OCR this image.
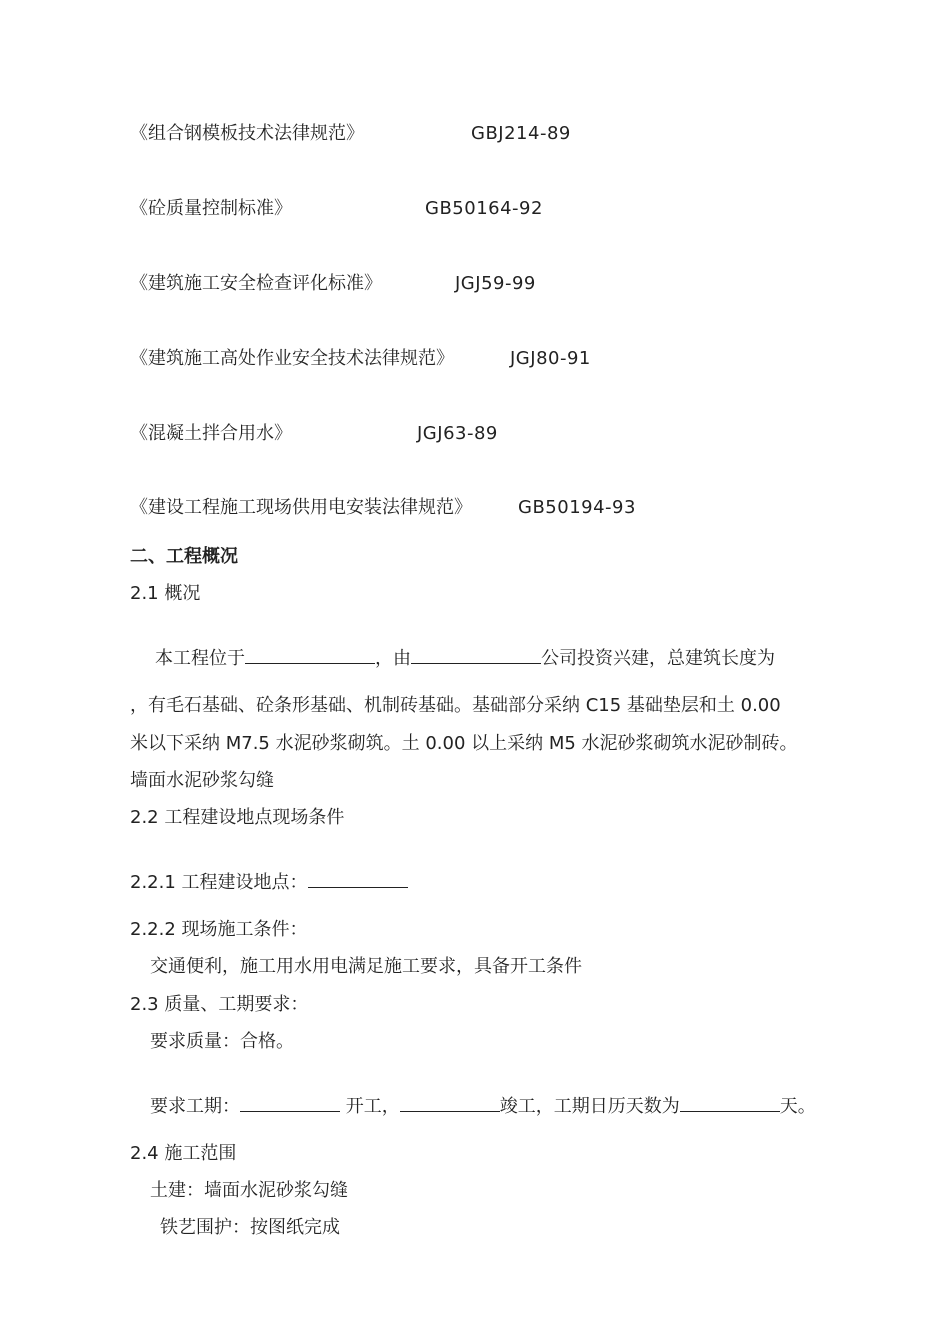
《组合钢模板技术法律规范》	GBJ214-89
《砼质量控制标准》	GB50164-92
《建筑施工安全检查评化标准》	JGJ59-99
《建筑施工高处作业安全技术法律规范》	JGJ80-91
《混凝土拌合用水》	JGJ63-89
《建设工程施工现场供用电安装法律规范》	GB50194-93
二、工程概况
2.1 概况
本工程位于	，由	公司投资兴建，总建筑长度为
，有毛石基础、砼条形基础、机制砖基础。基础部分采纳 C15 基础垫层和土 0.00
米以下采纳 M7.5 水泥砂浆砌筑。土 0.00 以上采纳 M5 水泥砂浆砌筑水泥砂制砖。
墙面水泥砂浆勾缝
2.2 工程建设地点现场条件
2.2.1 工程建设地点：
2.2.2 现场施工条件：
交通便利，施工用水用电满足施工要求，具备开工条件
2.3 质量、工期要求：
要求质量：合格。
要求工期：	开工，	竣工，工期日历天数为	天。
2.4 施工范围
土建：墙面水泥砂浆勾缝
铁艺围护：按图纸完成
